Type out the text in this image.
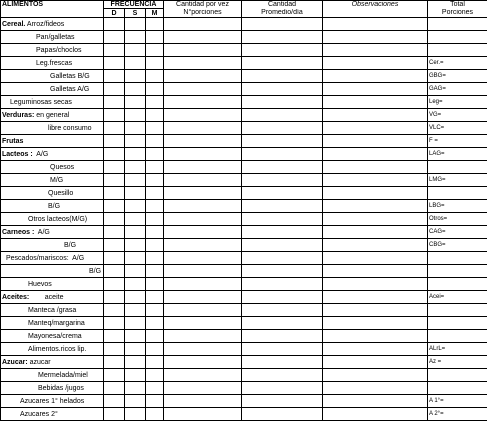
ALIMENTOS	FRECUENCIA			Cantidad por vez	Cantidad	Observaciones	Total
	D	S	M	N°porciones	Promedio/día		Porciones
Cereal. Arroz/fideos							
Pan/galletas							
Papas/choclos							
Leg.frescas							Cer.=
Galletas B/G							GBG=
Galletas A/G							GAG=
Leguminosas secas							Leg=
Verduras: en general							VG=
libre consumo							VLC=
Frutas							F =
Lacteos :  A/G							LAG=
Quesos							
M/G							LMG=
Quesillo							
B/G							LBG=
Otros lacteos(M/G)							Otros=
Carneos :  A/G							CAG=
B/G							CBG=
Pescados/mariscos:  A/G							
B/G							
Huevos							
Aceites:        aceite							Acei=
Manteca /grasa							
Manteq/margarina							
Mayonesa/crema							
Alimentos.ricos lip.							ALrL=
Azucar: azucar							Az =
Mermelada/miel							
Bebidas /jugos							
Azucares 1° helados							A 1°=
Azucares 2°							A 2°=
